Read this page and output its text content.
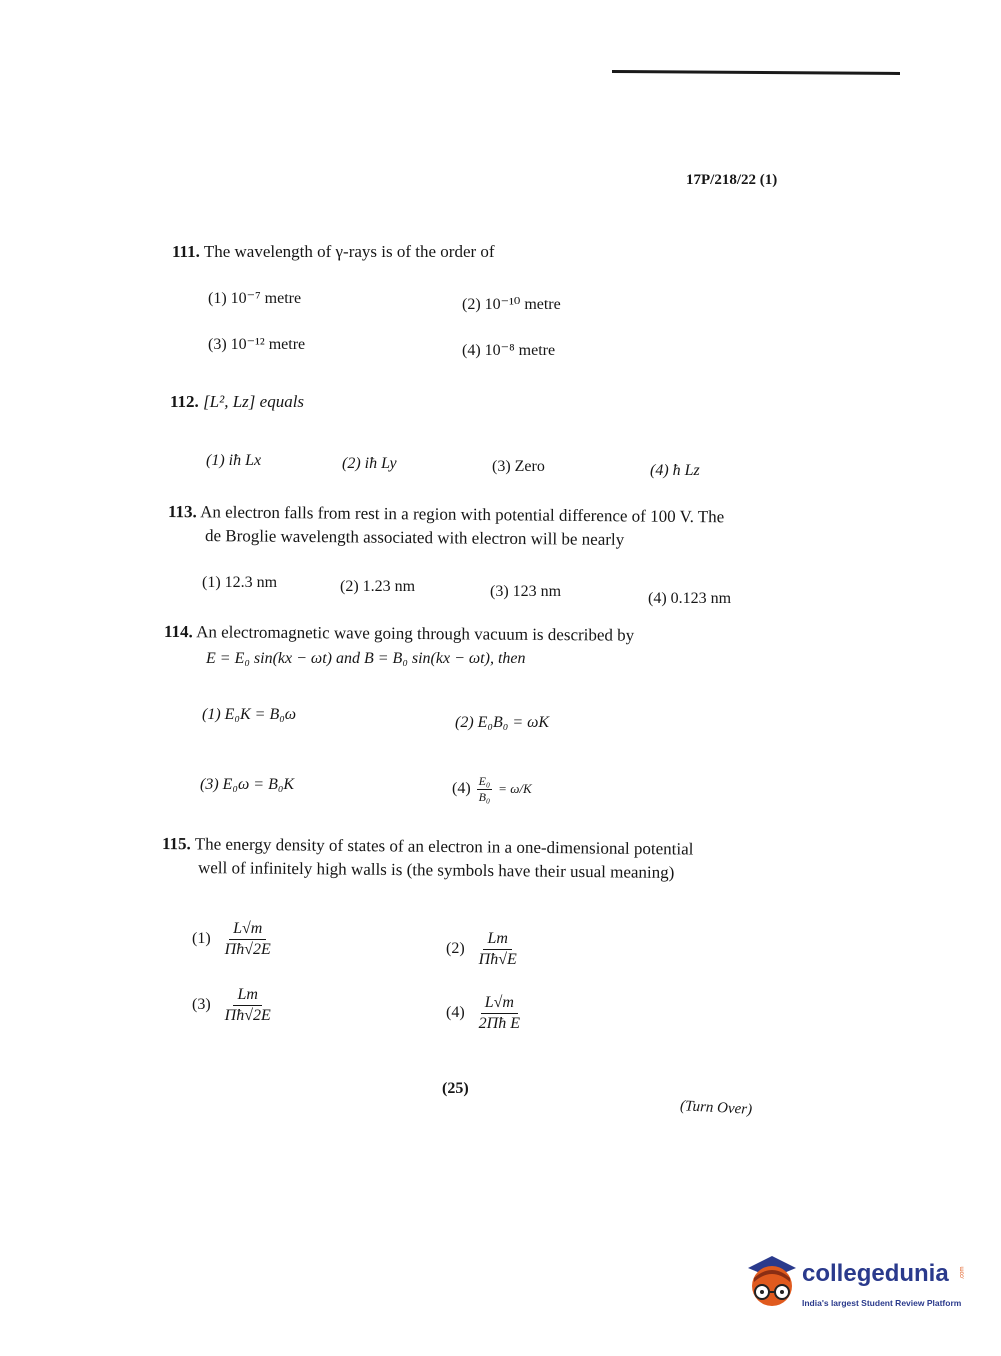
17P/218/22 (1)
111. The wavelength of γ-rays is of the order of
(1) 10⁻⁷ metre	(2) 10⁻¹⁰ metre
(3) 10⁻¹² metre	(4) 10⁻⁸ metre
112. [L², Lz] equals
(1) iħ Lx	(2) iħ Ly	(3) Zero	(4) ħ Lz
113. An electron falls from rest in a region with potential difference of 100 V. The
de Broglie wavelength associated with electron will be nearly
(1) 12.3 nm	(2) 1.23 nm	(3) 123 nm	(4) 0.123 nm
114. An electromagnetic wave going through vacuum is described by
E = E₀ sin(kx − ωt) and B = B₀ sin(kx − ωt), then
(1) E₀K = B₀ω	(2) E₀B₀ = ωK
(3) E₀ω = B₀K	$(4) \frac{\text{E₀}}{\text{B₀}} = \omega/K$
115. The energy density of states of an electron in a one-dimensional potential
well of infinitely high walls is (the symbols have their usual meaning)
$(1) \frac{L√m}{\Pi ħ√2E}$	$(2) \frac{Lm}{\Pi ħ√E}$
$(3) \frac{Lm}{\Pi ħ√2E}$	$(4) \frac{L√m}{\text{2Πħ E}}$
(25)
(Turn Over)
collegedunia
India's largest Student Review Platform
.com
